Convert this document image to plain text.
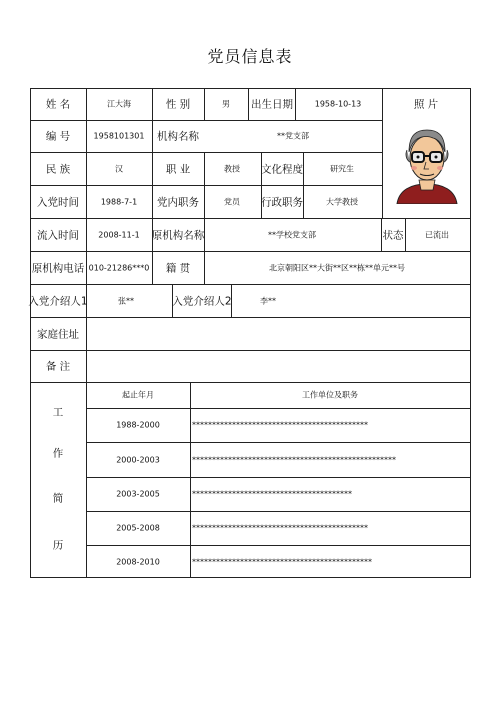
党员信息表
姓 名	江大海	性 别	男 出生日期	1958-10-13	照 片
编 号	1958101301 机构名称	**党支部
民 族	汉	职 业	教授 文化程度	研究生
入党时间	1988-7-1 党内职务	党员 行政职务	大学教授
流入时间 2008-11-1 原机构名称	**学校党支部	状态	已流出
原机构电话 010-21286***0 籍 贯	北京朝阳区**大街**区**栋**单元**号
入党介绍人1	张**	入党介绍人2	李**
家庭住址
备 注
工
作
简
历
起止年月	工作单位及职务
1988-2000	********************************************
2000-2003	***************************************************
2003-2005	****************************************
2005-2008	********************************************
2008-2010	*********************************************
